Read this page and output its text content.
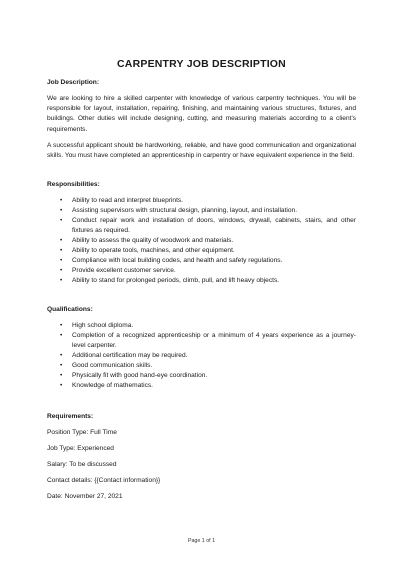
CARPENTRY JOB DESCRIPTION

Job Description:

We are looking to hire a skilled carpenter with knowledge of various carpentry techniques. You will be responsible for layout, installation, repairing, finishing, and maintaining various structures, fixtures, and buildings. Other duties will include designing, cutting, and measuring materials according to a client's requirements.

A successful applicant should be hardworking, reliable, and have good communication and organizational skills. You must have completed an apprenticeship in carpentry or have equivalent experience in the field.

Responsibilities:

• Ability to read and interpret blueprints.
• Assisting supervisors with structural design, planning, layout, and installation.
• Conduct repair work and installation of doors, windows, drywall, cabinets, stairs, and other fixtures as required.
• Ability to assess the quality of woodwork and materials.
• Ability to operate tools, machines, and other equipment.
• Compliance with local building codes, and health and safety regulations.
• Provide excellent customer service.
• Ability to stand for prolonged periods, climb, pull, and lift heavy objects.

Qualifications:

• High school diploma.
• Completion of a recognized apprenticeship or a minimum of 4 years experience as a journey-level carpenter.
• Additional certification may be required.
• Good communication skills.
• Physically fit with good hand-eye coordination.
• Knowledge of mathematics.

Requirements:

Position Type: Full Time

Job Type: Experienced

Salary: To be discussed

Contact details: {{Contact information}}

Date: November 27, 2021

Page 1 of 1
